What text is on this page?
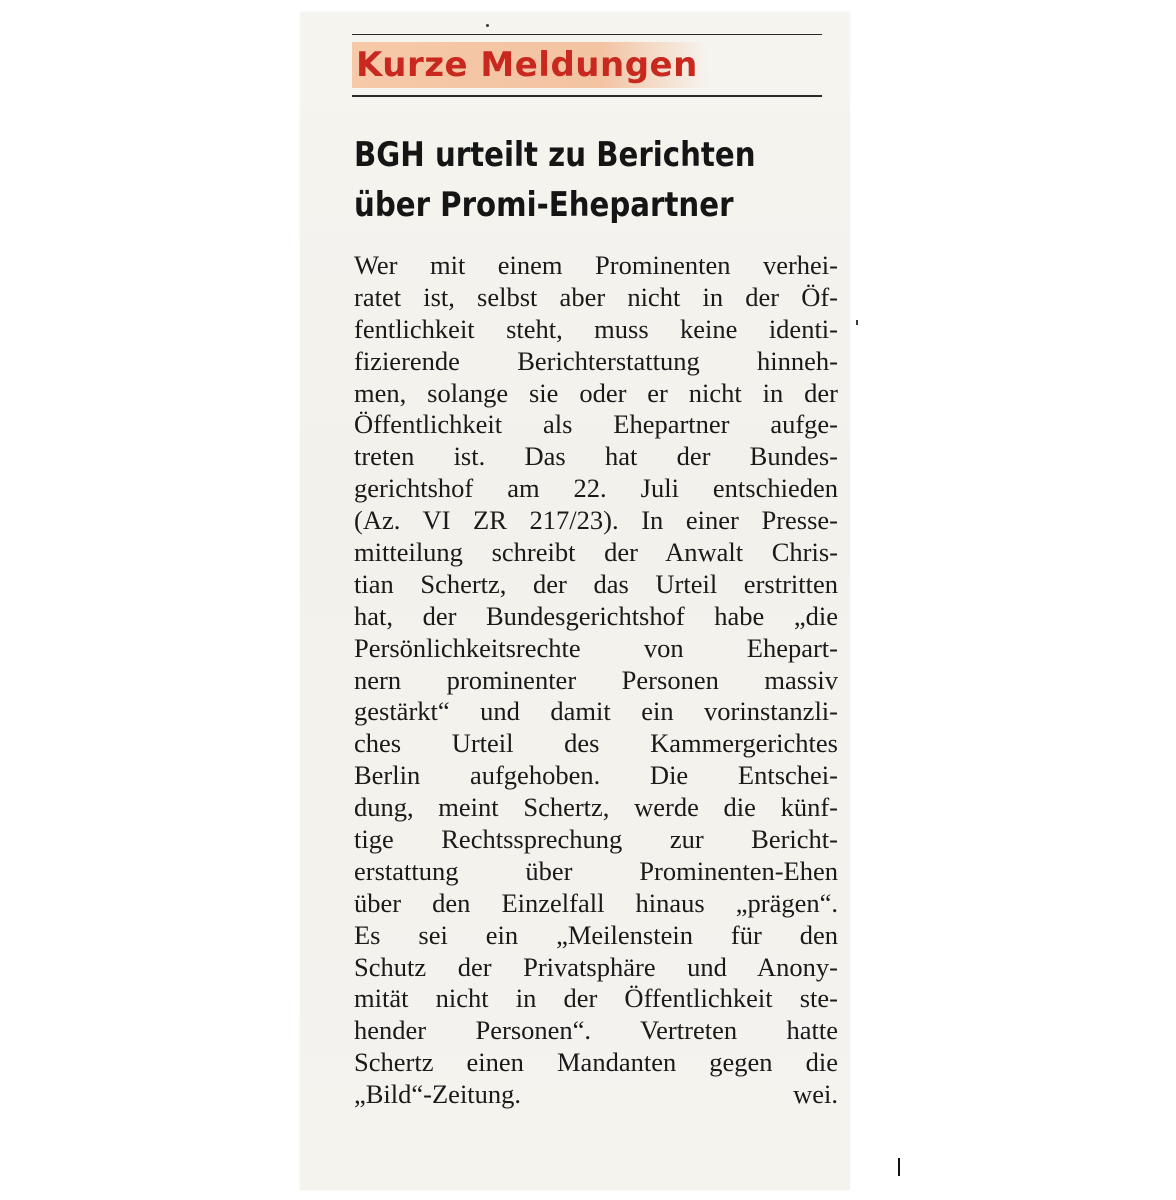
Kurze Meldungen
BGH urteilt zu Berichten
über Promi-Ehepartner
Wer mit einem Prominenten verhei-
ratet ist, selbst aber nicht in der Öf-
fentlichkeit steht, muss keine identi-
fizierende Berichterstattung hinneh-
men, solange sie oder er nicht in der
Öffentlichkeit als Ehepartner aufge-
treten ist. Das hat der Bundes-
gerichtshof am 22. Juli entschieden
(Az. VI ZR 217/23). In einer Presse-
mitteilung schreibt der Anwalt Chris-
tian Schertz, der das Urteil erstritten
hat, der Bundesgerichtshof habe „die
Persönlichkeitsrechte von Ehepart-
nern prominenter Personen massiv
gestärkt“ und damit ein vorinstanzli-
ches Urteil des Kammergerichtes
Berlin aufgehoben. Die Entschei-
dung, meint Schertz, werde die künf-
tige Rechtssprechung zur Bericht-
erstattung über Prominenten-Ehen
über den Einzelfall hinaus „prägen“.
Es sei ein „Meilenstein für den
Schutz der Privatsphäre und Anony-
mität nicht in der Öffentlichkeit ste-
hender Personen“. Vertreten hatte
Schertz einen Mandanten gegen die
„Bild“-Zeitung.	wei.
